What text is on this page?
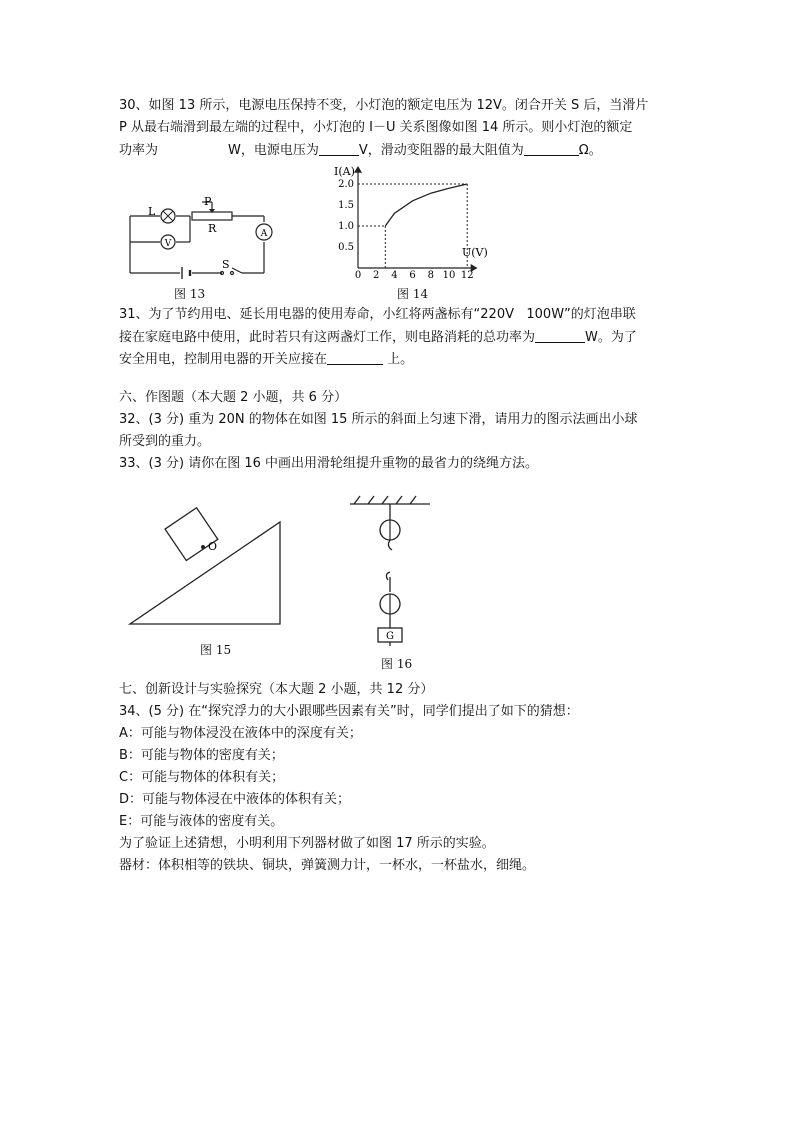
30、如图 13 所示，电源电压保持不变，小灯泡的额定电压为 12V。闭合开关 S 后，当滑片
P 从最右端滑到最左端的过程中，小灯泡的 I－U 关系图像如图 14 所示。则小灯泡的额定
功率为	W，电源电压为	V，滑动变阻器的最大阻值为	Ω。
V
A
L
P
R
S
图 13
I(A)
U(V)
0 2 4 6 8 10 12
0.5
1.0
1.5
2.0
图 14
31、为了节约用电、延长用电器的使用寿命，小红将两盏标有“220V   100W”的灯泡串联
接在家庭电路中使用，此时若只有这两盏灯工作，则电路消耗的总功率为	W。为了
安全用电，控制用电器的开关应接在	上。
六、作图题（本大题 2 小题，共 6 分）
32、(3 分) 重为 20N 的物体在如图 15 所示的斜面上匀速下滑，请用力的图示法画出小球
所受到的重力。
33、(3 分) 请你在图 16 中画出用滑轮组提升重物的最省力的绕绳方法。
O
图 15
G
图 16
七、创新设计与实验探究（本大题 2 小题，共 12 分）
34、(5 分) 在“探究浮力的大小跟哪些因素有关”时，同学们提出了如下的猜想：
A：可能与物体浸没在液体中的深度有关；
B：可能与物体的密度有关；
C：可能与物体的体积有关；
D：可能与物体浸在中液体的体积有关；
E：可能与液体的密度有关。
为了验证上述猜想，小明利用下列器材做了如图 17 所示的实验。
器材：体积相等的铁块、铜块，弹簧测力计，一杯水，一杯盐水，细绳。
